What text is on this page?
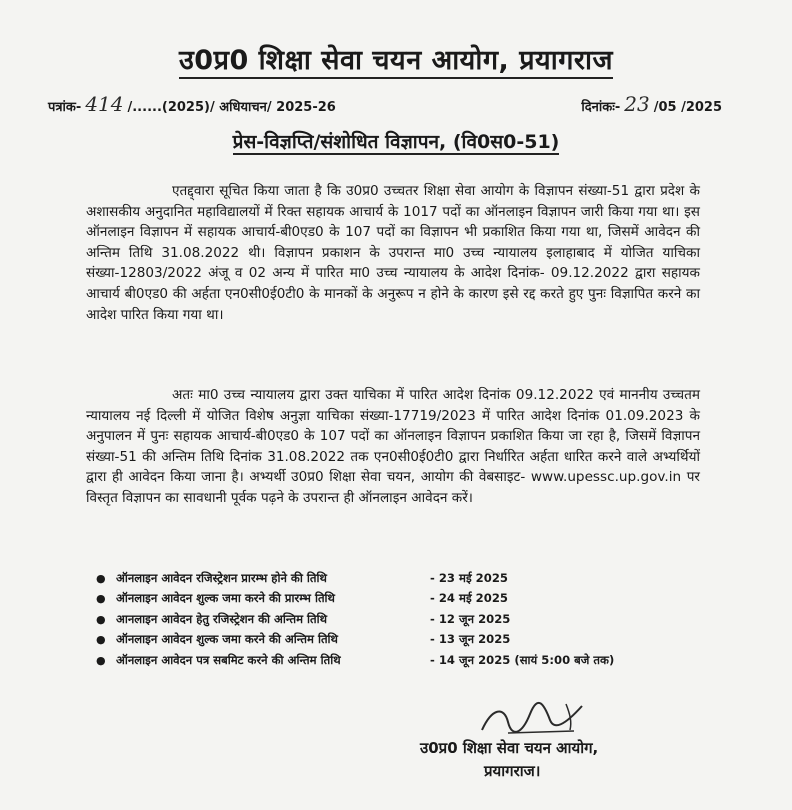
उ0प्र0 शिक्षा सेवा चयन आयोग, प्रयागराज
पत्रांक- 414 /......(2025)/ अधियाचन/ 2025-26	दिनांकः- 23 /05 /2025
प्रेस-विज्ञप्ति/संशोधित विज्ञापन, (वि0स0-51)

एतद्द्वारा सूचित किया जाता है कि उ0प्र0 उच्चतर शिक्षा सेवा आयोग के विज्ञापन संख्या-51 द्वारा प्रदेश के अशासकीय अनुदानित महाविद्यालयों में रिक्त सहायक आचार्य के 1017 पदों का ऑनलाइन विज्ञापन जारी किया गया था। इस ऑनलाइन विज्ञापन में सहायक आचार्य-बी0एड0 के 107 पदों का विज्ञापन भी प्रकाशित किया गया था, जिसमें आवेदन की अन्तिम तिथि 31.08.2022 थी। विज्ञापन प्रकाशन के उपरान्त मा0 उच्च न्यायालय इलाहाबाद में योजित याचिका संख्या-12803/2022 अंजू व 02 अन्य में पारित मा0 उच्च न्यायालय के आदेश दिनांक- 09.12.2022 द्वारा सहायक आचार्य बी0एड0 की अर्हता एन0सी0ई0टी0 के मानकों के अनुरूप न होने के कारण इसे रद्द करते हुए पुनः विज्ञापित करने का आदेश पारित किया गया था।

अतः मा0 उच्च न्यायालय द्वारा उक्त याचिका में पारित आदेश दिनांक 09.12.2022 एवं माननीय उच्चतम न्यायालय नई दिल्ली में योजित विशेष अनुज्ञा याचिका संख्या-17719/2023 में पारित आदेश दिनांक 01.09.2023 के अनुपालन में पुनः सहायक आचार्य-बी0एड0 के 107 पदों का ऑनलाइन विज्ञापन प्रकाशित किया जा रहा है, जिसमें विज्ञापन संख्या-51 की अन्तिम तिथि दिनांक 31.08.2022 तक एन0सी0ई0टी0 द्वारा निर्धारित अर्हता धारित करने वाले अभ्यर्थियों द्वारा ही आवेदन किया जाना है। अभ्यर्थी उ0प्र0 शिक्षा सेवा चयन, आयोग की वेबसाइट- www.upessc.up.gov.in पर विस्तृत विज्ञापन का सावधानी पूर्वक पढ़ने के उपरान्त ही ऑनलाइन आवेदन करें।

● ऑनलाइन आवेदन रजिस्ट्रेशन प्रारम्भ होने की तिथि	- 23 मई 2025
● ऑनलाइन आवेदन शुल्क जमा करने की प्रारम्भ तिथि	- 24 मई 2025
● आनलाइन आवेदन हेतु रजिस्ट्रेशन की अन्तिम तिथि	- 12 जून 2025
● ऑनलाइन आवेदन शुल्क जमा करने की अन्तिम तिथि	- 13 जून 2025
● ऑनलाइन आवेदन पत्र सबमिट करने की अन्तिम तिथि	- 14 जून 2025 (सायं 5:00 बजे तक)
उ0प्र0 शिक्षा सेवा चयन आयोग,
प्रयागराज।
